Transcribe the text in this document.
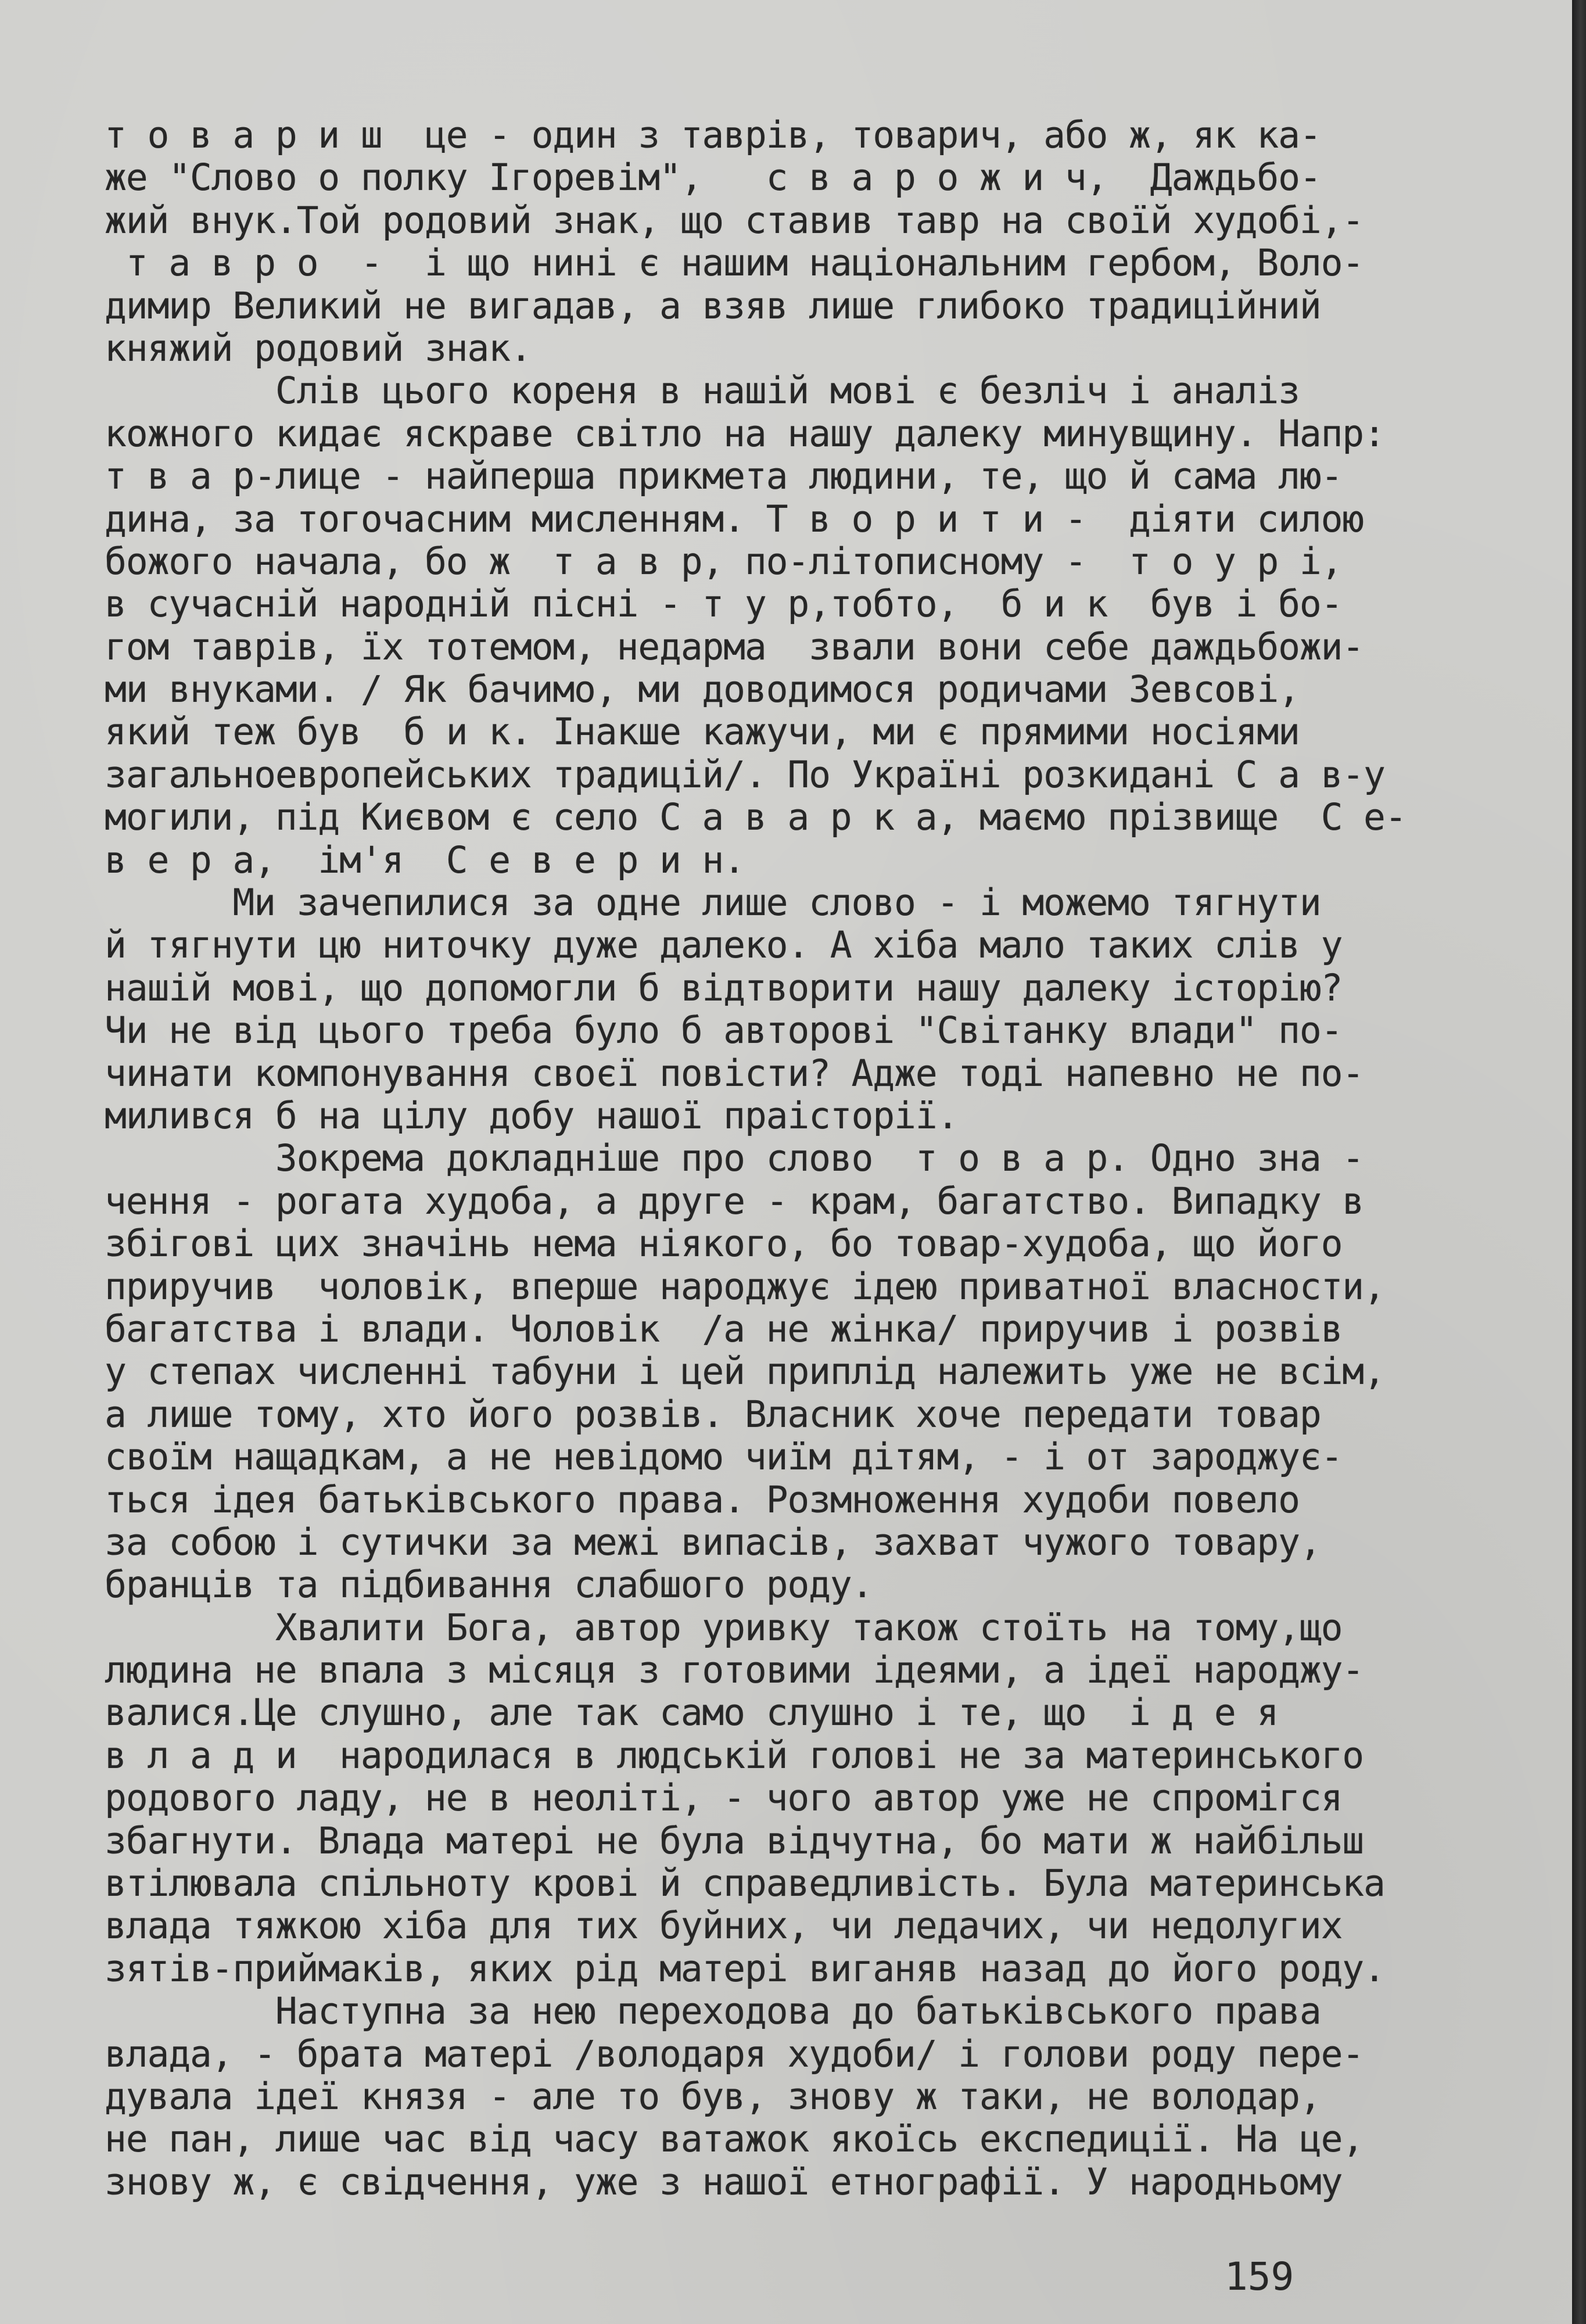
т о в а р и ш  це - один з таврів, товарич, або ж, як ка-
же "Слово о полку Ігоревім",   с в а р о ж и ч,  Даждьбо-
жий внук.Той родовий знак, що ставив тавр на своїй худобі,-
т а в р о  -  і що нині є нашим національним гербом, Воло-
димир Великий не вигадав, а взяв лише глибоко традиційний
княжий родовий знак.
Слів цього кореня в нашій мові є безліч і аналіз
кожного кидає яскраве світло на нашу далеку минувщину. Напр:
т в а р-лице - найперша прикмета людини, те, що й сама лю-
дина, за тогочасним мисленням. Т в о р и т и -  діяти силою
божого начала, бо ж  т а в р, по-літописному -  т о у р і,
в сучасній народній пісні - т у р,тобто,  б и к  був і бо-
гом таврів, їх тотемом, недарма  звали вони себе даждьбожи-
ми внуками. / Як бачимо, ми доводимося родичами Зевсові,
який теж був  б и к. Інакше кажучи, ми є прямими носіями
загальноевропейських традицій/. По Україні розкидані С а в-у
могили, під Києвом є село С а в а р к а, маємо прізвище  С е-
в е р а,  ім'я  С е в е р и н.
Ми зачепилися за одне лише слово - і можемо тягнути
й тягнути цю ниточку дуже далеко. А хіба мало таких слів у
нашій мові, що допомогли б відтворити нашу далеку історію?
Чи не від цього треба було б авторові "Світанку влади" по-
чинати компонування своєї повісти? Адже тоді напевно не по-
милився б на цілу добу нашої праісторії.
Зокрема докладніше про слово  т о в а р. Одно зна -
чення - рогата худоба, а друге - крам, багатство. Випадку в
збігові цих значінь нема ніякого, бо товар-худоба, що його
приручив  чоловік, вперше народжує ідею приватної власности,
багатства і влади. Чоловік  /а не жінка/ приручив і розвів
у степах численні табуни і цей приплід належить уже не всім,
а лише тому, хто його розвів. Власник хоче передати товар
своїм нащадкам, а не невідомо чиїм дітям, - і от зароджує-
ться ідея батьківського права. Розмноження худоби повело
за собою і сутички за межі випасів, захват чужого товару,
бранців та підбивання слабшого роду.
Хвалити Бога, автор уривку також стоїть на тому,що
людина не впала з місяця з готовими ідеями, а ідеї народжу-
валися.Це слушно, але так само слушно і те, що  і д е я
в л а д и  народилася в людській голові не за материнського
родового ладу, не в неоліті, - чого автор уже не спромігся
збагнути. Влада матері не була відчутна, бо мати ж найбільш
втілювала спільноту крові й справедливість. Була материнська
влада тяжкою хіба для тих буйних, чи ледачих, чи недолугих
зятів-приймаків, яких рід матері виганяв назад до його роду.
Наступна за нею переходова до батьківського права
влада, - брата матері /володаря худоби/ і голови роду пере-
дувала ідеї князя - але то був, знову ж таки, не володар,
не пан, лише час від часу ватажок якоїсь експедиції. На це,
знову ж, є свідчення, уже з нашої етнографії. У народньому
159
